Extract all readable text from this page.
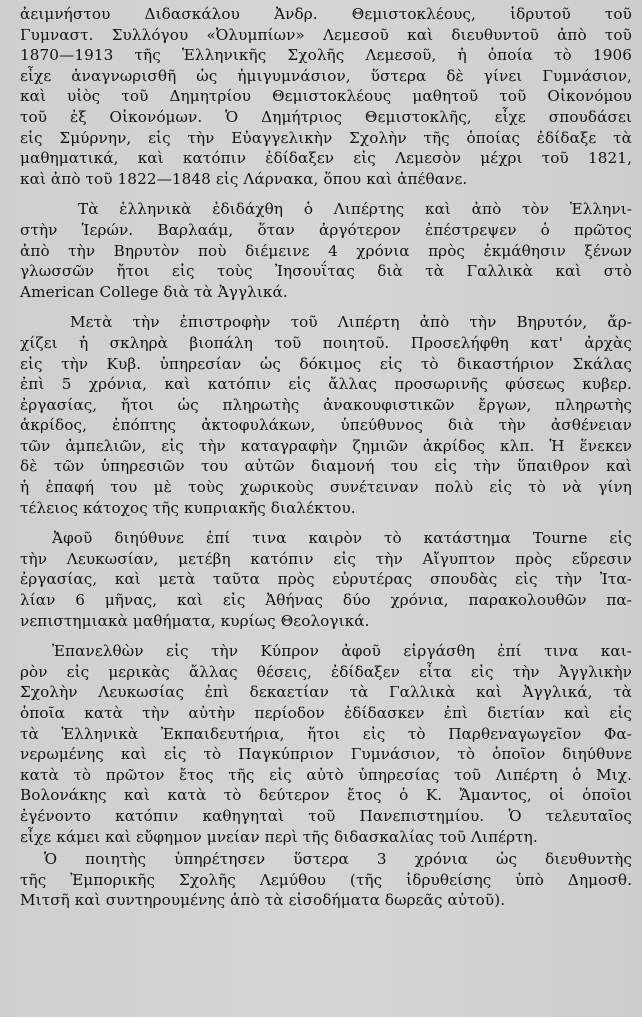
ἀειμνήστου Διδασκάλου Ἀνδρ. Θεμιστοκλέους, ἱδρυτοῦ τοῦ
Γυμναστ. Συλλόγου «Ὀλυμπίων» Λεμεσοῦ καὶ διευθυντοῦ ἀπὸ τοῦ
1870—1913 τῆς Ἑλληνικῆς Σχολῆς Λεμεσοῦ, ἡ ὁποία τὸ 1906
εἶχε ἀναγνωρισθῆ ὡς ἡμιγυμνάσιον, ὕστερα δὲ γίνει Γυμνάσιον,
καὶ υἱὸς τοῦ Δημητρίου Θεμιστοκλέους μαθητοῦ τοῦ Οἰκονόμου
τοῦ ἐξ Οἰκονόμων. Ὁ Δημήτριος Θεμιστοκλῆς, εἶχε σπουδάσει
εἰς Σμύρνην, εἰς τὴν Εὐαγγελικὴν Σχολὴν τῆς ὁποίας ἐδίδαξε τὰ
μαθηματικά, καὶ κατόπιν ἐδίδαξεν εἰς Λεμεσὸν μέχρι τοῦ 1821,
καὶ ἀπὸ τοῦ 1822—1848 εἰς Λάρνακα, ὅπου καὶ ἀπέθανε.
Τὰ ἑλληνικὰ ἐδιδάχθη ὁ Λιπέρτης καὶ ἀπὸ τὸν Ἑλληνι-
στὴν Ἱερών. Βαρλαάμ, ὅταν ἀργότερον ἐπέστρεψεν ὁ πρῶτος
ἀπὸ τὴν Βηρυτὸν ποὺ διέμεινε 4 χρόνια πρὸς ἐκμάθησιν ξένων
γλωσσῶν ἤτοι εἰς τοὺς Ἰησουΐτας διὰ τὰ Γαλλικὰ καὶ στὸ
American College διὰ τὰ Ἀγγλικά.
Μετὰ τὴν ἐπιστροφὴν τοῦ Λιπέρτη ἀπὸ τὴν Βηρυτόν, ἄρ-
χίζει ἡ σκληρὰ βιοπάλη τοῦ ποιητοῦ. Προσελήφθη κατ' ἀρχὰς
εἰς τὴν Κυβ. ὑπηρεσίαν ὡς δόκιμος εἰς τὸ δικαστήριον Σκάλας
ἐπὶ 5 χρόνια, καὶ κατόπιν εἰς ἄλλας προσωρινῆς φύσεως κυβερ.
ἐργασίας, ἤτοι ὡς πληρωτὴς ἀνακουφιστικῶν ἔργων, πληρωτὴς
ἀκρίδος, ἐπόπτης ἀκτοφυλάκων, ὑπεύθυνος διὰ τὴν ἀσθένειαν
τῶν ἀμπελιῶν, εἰς τὴν καταγραφὴν ζημιῶν ἀκρίδος κλπ. Ἡ ἕνεκεν
δὲ τῶν ὑπηρεσιῶν του αὐτῶν διαμονή του εἰς τὴν ὕπαιθρον καὶ
ἡ ἐπαφή του μὲ τοὺς χωρικοὺς συνέτειναν πολὺ εἰς τὸ νὰ γίνη
τέλειος κάτοχος τῆς κυπριακῆς διαλέκτου.
Ἀφοῦ διηύθυνε ἐπί τινα καιρὸν τὸ κατάστημα Tourne εἰς
τὴν Λευκωσίαν, μετέβη κατόπιν εἰς τὴν Αἴγυπτον πρὸς εὕρεσιν
ἐργασίας, καὶ μετὰ ταῦτα πρὸς εὐρυτέρας σπουδὰς εἰς τὴν Ἰτα-
λίαν 6 μῆνας, καὶ εἰς Ἀθήνας δύο χρόνια, παρακολουθῶν πα-
νεπιστημιακὰ μαθήματα, κυρίως Θεολογικά.
Ἐπανελθὼν εἰς τὴν Κύπρον ἀφοῦ εἰργάσθη ἐπί τινα και-
ρὸν εἰς μερικὰς ἄλλας θέσεις, ἐδίδαξεν εἶτα εἰς τὴν Ἀγγλικὴν
Σχολὴν Λευκωσίας ἐπὶ δεκαετίαν τὰ Γαλλικὰ καὶ Ἀγγλικά, τὰ
ὁποῖα κατὰ τὴν αὐτὴν περίοδον ἐδίδασκεν ἐπὶ διετίαν καὶ εἰς
τὰ Ἑλληνικὰ Ἐκπαιδευτήρια, ἤτοι εἰς τὸ Παρθεναγωγεῖον Φα-
νερωμένης καὶ εἰς τὸ Παγκύπριον Γυμνάσιον, τὸ ὁποῖον διηύθυνε
κατὰ τὸ πρῶτον ἔτος τῆς εἰς αὐτὸ ὑπηρεσίας τοῦ Λιπέρτη ὁ Μιχ.
Βολονάκης καὶ κατὰ τὸ δεύτερον ἔτος ὁ Κ. Ἄμαντος, οἱ ὁποῖοι
ἐγένοντο κατόπιν καθηγηταὶ τοῦ Πανεπιστημίου. Ὁ τελευταῖος
εἶχε κάμει καὶ εὔφημον μνείαν περὶ τῆς διδασκαλίας τοῦ Λιπέρτη.
Ὁ ποιητὴς ὑπηρέτησεν ὕστερα 3 χρόνια ὡς διευθυντὴς
τῆς Ἐμπορικῆς Σχολῆς Λεμύθου (τῆς ἱδρυθείσης ὑπὸ Δημοσθ.
Μιτσῆ καὶ συντηρουμένης ἀπὸ τὰ εἰσοδήματα δωρεᾶς αὐτοῦ).
